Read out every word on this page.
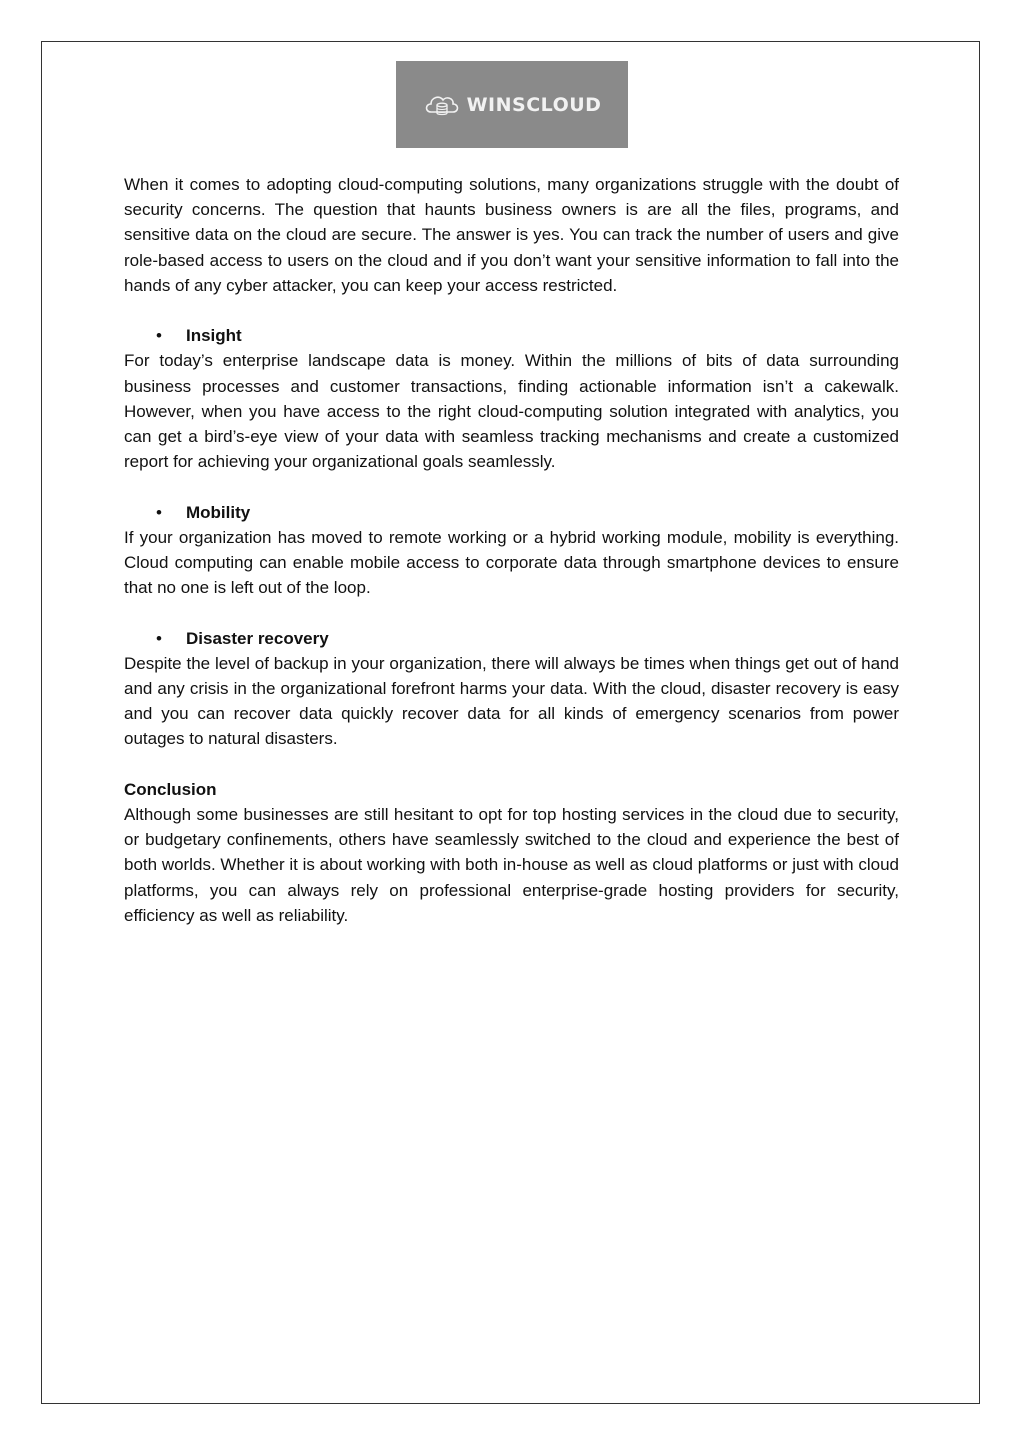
WINSCLOUD

When it comes to adopting cloud-computing solutions, many organizations struggle with the doubt of security concerns. The question that haunts business owners is are all the files, programs, and sensitive data on the cloud are secure. The answer is yes. You can track the number of users and give role-based access to users on the cloud and if you don’t want your sensitive information to fall into the hands of any cyber attacker, you can keep your access restricted.

• Insight

For today’s enterprise landscape data is money. Within the millions of bits of data surrounding business processes and customer transactions, finding actionable information isn’t a cakewalk. However, when you have access to the right cloud-computing solution integrated with analytics, you can get a bird’s-eye view of your data with seamless tracking mechanisms and create a customized report for achieving your organizational goals seamlessly.

• Mobility

If your organization has moved to remote working or a hybrid working module, mobility is everything. Cloud computing can enable mobile access to corporate data through smartphone devices to ensure that no one is left out of the loop.

• Disaster recovery

Despite the level of backup in your organization, there will always be times when things get out of hand and any crisis in the organizational forefront harms your data. With the cloud, disaster recovery is easy and you can recover data quickly recover data for all kinds of emergency scenarios from power outages to natural disasters.

Conclusion

Although some businesses are still hesitant to opt for top hosting services in the cloud due to security, or budgetary confinements, others have seamlessly switched to the cloud and experience the best of both worlds. Whether it is about working with both in-house as well as cloud platforms or just with cloud platforms, you can always rely on professional enterprise-grade hosting providers for security, efficiency as well as reliability.
